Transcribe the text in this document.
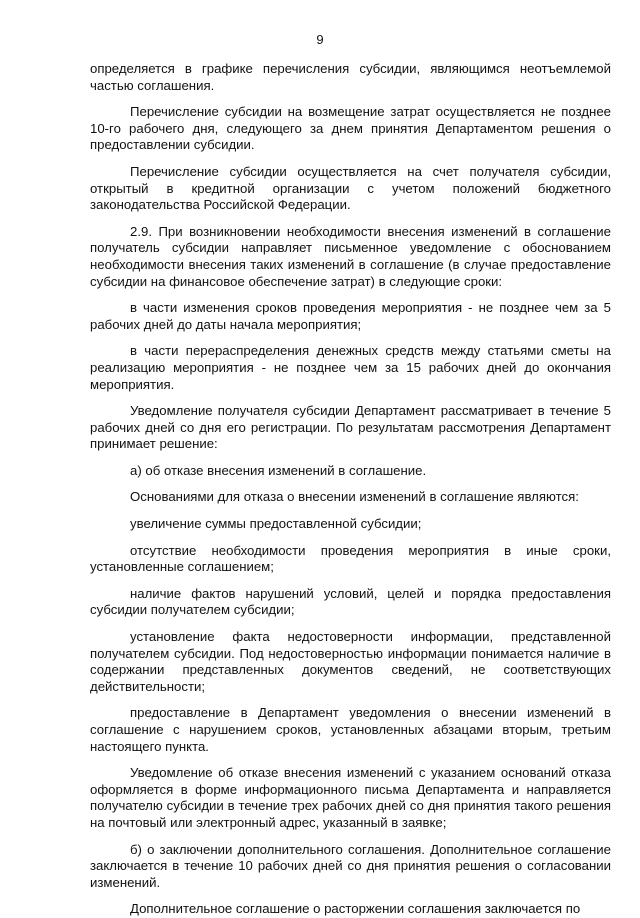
9

определяется в графике перечисления субсидии, являющимся неотъемлемой частью соглашения.

Перечисление субсидии на возмещение затрат осуществляется не позднее 10-го рабочего дня, следующего за днем принятия Департаментом решения о предоставлении субсидии.

Перечисление субсидии осуществляется на счет получателя субсидии, открытый в кредитной организации с учетом положений бюджетного законодательства Российской Федерации.

2.9. При возникновении необходимости внесения изменений в соглашение получатель субсидии направляет письменное уведомление с обоснованием необходимости внесения таких изменений в соглашение (в случае предоставление субсидии на финансовое обеспечение затрат) в следующие сроки:

в части изменения сроков проведения мероприятия - не позднее чем за 5 рабочих дней до даты начала мероприятия;

в части перераспределения денежных средств между статьями сметы на реализацию мероприятия - не позднее чем за 15 рабочих дней до окончания мероприятия.

Уведомление получателя субсидии Департамент рассматривает в течение 5 рабочих дней со дня его регистрации. По результатам рассмотрения Департамент принимает решение:

а) об отказе внесения изменений в соглашение.

Основаниями для отказа о внесении изменений в соглашение являются:

увеличение суммы предоставленной субсидии;

отсутствие необходимости проведения мероприятия в иные сроки, установленные соглашением;

наличие фактов нарушений условий, целей и порядка предоставления субсидии получателем субсидии;

установление факта недостоверности информации, представленной получателем субсидии. Под недостоверностью информации понимается наличие в содержании представленных документов сведений, не соответствующих действительности;

предоставление в Департамент уведомления о внесении изменений в соглашение с нарушением сроков, установленных абзацами вторым, третьим настоящего пункта.

Уведомление об отказе внесения изменений с указанием оснований отказа оформляется в форме информационного письма Департамента и направляется получателю субсидии в течение трех рабочих дней со дня принятия такого решения на почтовый или электронный адрес, указанный в заявке;

б) о заключении дополнительного соглашения. Дополнительное соглашение заключается в течение 10 рабочих дней со дня принятия решения о согласовании изменений.

Дополнительное соглашение о расторжении соглашения заключается по
